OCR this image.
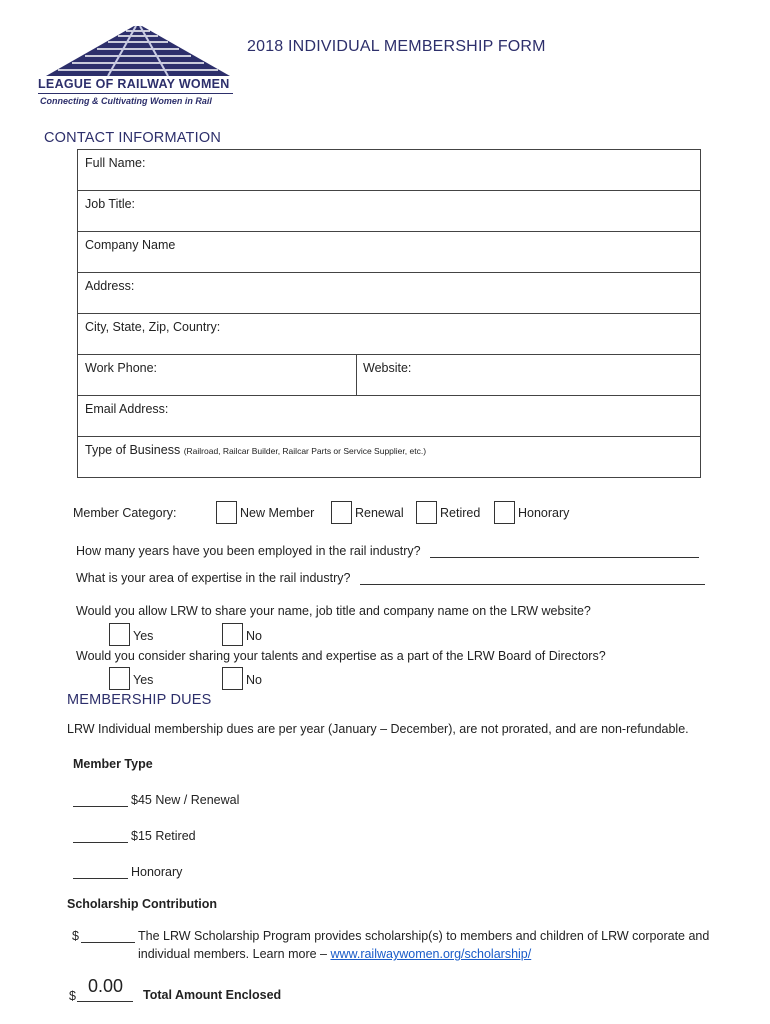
LEAGUE OF RAILWAY WOMEN
Connecting & Cultivating Women in Rail
2018 INDIVIDUAL MEMBERSHIP FORM
CONTACT INFORMATION
Full Name:
Job Title:
Company Name
Address:
City, State, Zip, Country:
Work Phone:	Website:
Email Address:
Type of Business (Railroad, Railcar Builder, Railcar Parts or Service Supplier, etc.)
Member Category:	New Member	Renewal	Retired	Honorary
How many years have you been employed in the rail industry?
What is your area of expertise in the rail industry?
Would you allow LRW to share your name, job title and company name on the LRW website?
Yes	No
Would you consider sharing your talents and expertise as a part of the LRW Board of Directors?
Yes	No
MEMBERSHIP DUES
LRW Individual membership dues are per year (January – December), are not prorated, and are non-refundable.
Member Type
$45 New / Renewal
$15 Retired
Honorary
Scholarship Contribution
$	The LRW Scholarship Program provides scholarship(s) to members and children of LRW corporate and
individual members. Learn more – www.railwaywomen.org/scholarship/
$ 0.00 Total Amount Enclosed
